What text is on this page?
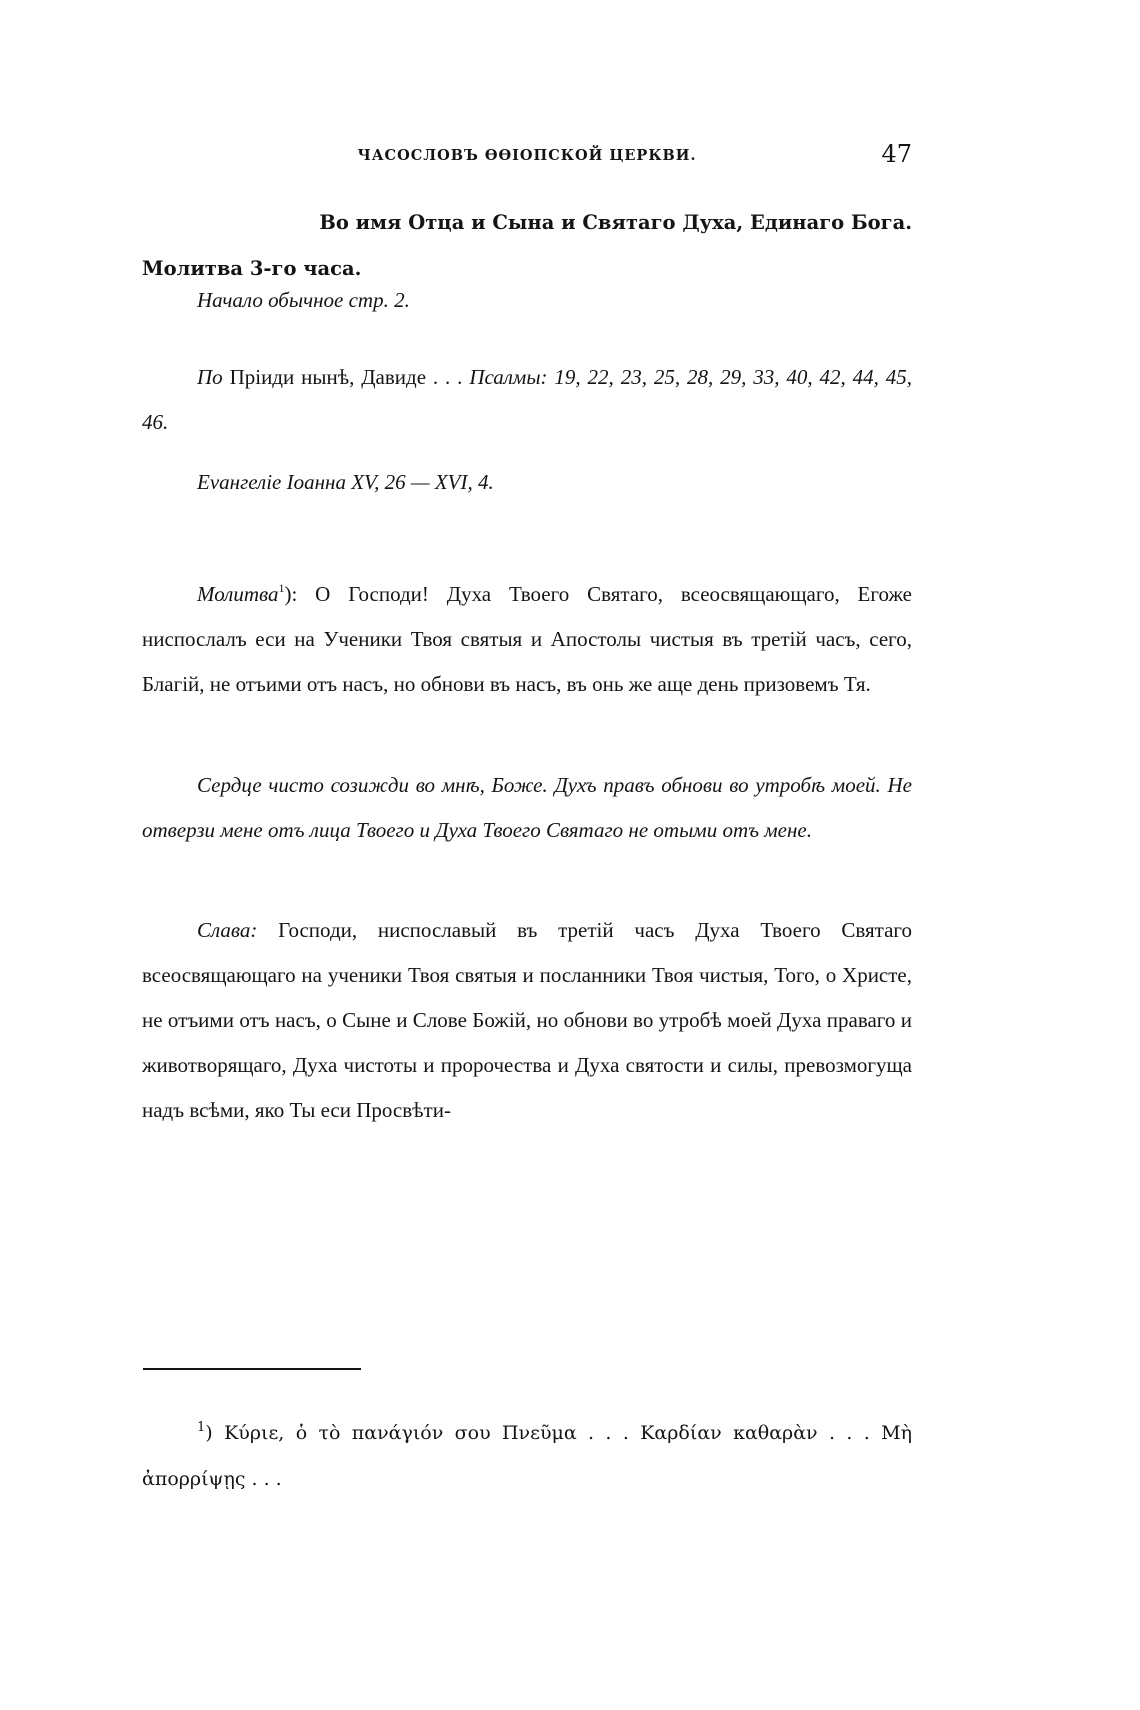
ЧАСОСЛОВЪ ѲѲІОПСКОЙ ЦЕРКВИ.	47
Во имя Отца и Сына и Святаго Духа, Единаго Бога.
Молитва 3-го часа.

Начало обычное стр. 2.

По Пріиди нынѣ, Давиде . . . Псалмы: 19, 22, 23, 25, 28, 29, 33, 40, 42, 44, 45, 46.

Еvангеліе Іоанна XV, 26 — XVI, 4.

Молитва$^1$): О Господи! Духа Твоего Святаго, всеосвящающаго, Егоже ниспослалъ еси на Ученики Твоя святыя и Апостолы чистыя въ третій часъ, сего, Благій, не отъими отъ насъ, но обнови въ насъ, въ онь же аще день призовемъ Тя.

Сердце чисто созижди во мнѣ, Боже. Духъ правъ обнови во утробѣ моей. Не отверзи мене отъ лица Твоего и Духа Твоего Святаго не отыми отъ мене.

Слава: Господи, ниспославый въ третій часъ Духа Твоего Святаго всеосвящающаго на ученики Твоя святыя и посланники Твоя чистыя, Того, о Христе, не отъими отъ насъ, о Сыне и Слове Божій, но обнови во утробѣ моей Духа праваго и животворящаго, Духа чистоты и пророчества и Духа святости и силы, превозмогуща надъ всѣми, яко Ты еси Просвѣти-

$^1$) Κύριε, ὁ τὸ πανάγιόν σου Πνεῦμα . . . Καρδίαν καθαρὰν . . . Μὴ ἀπορρίψῃς . . .
